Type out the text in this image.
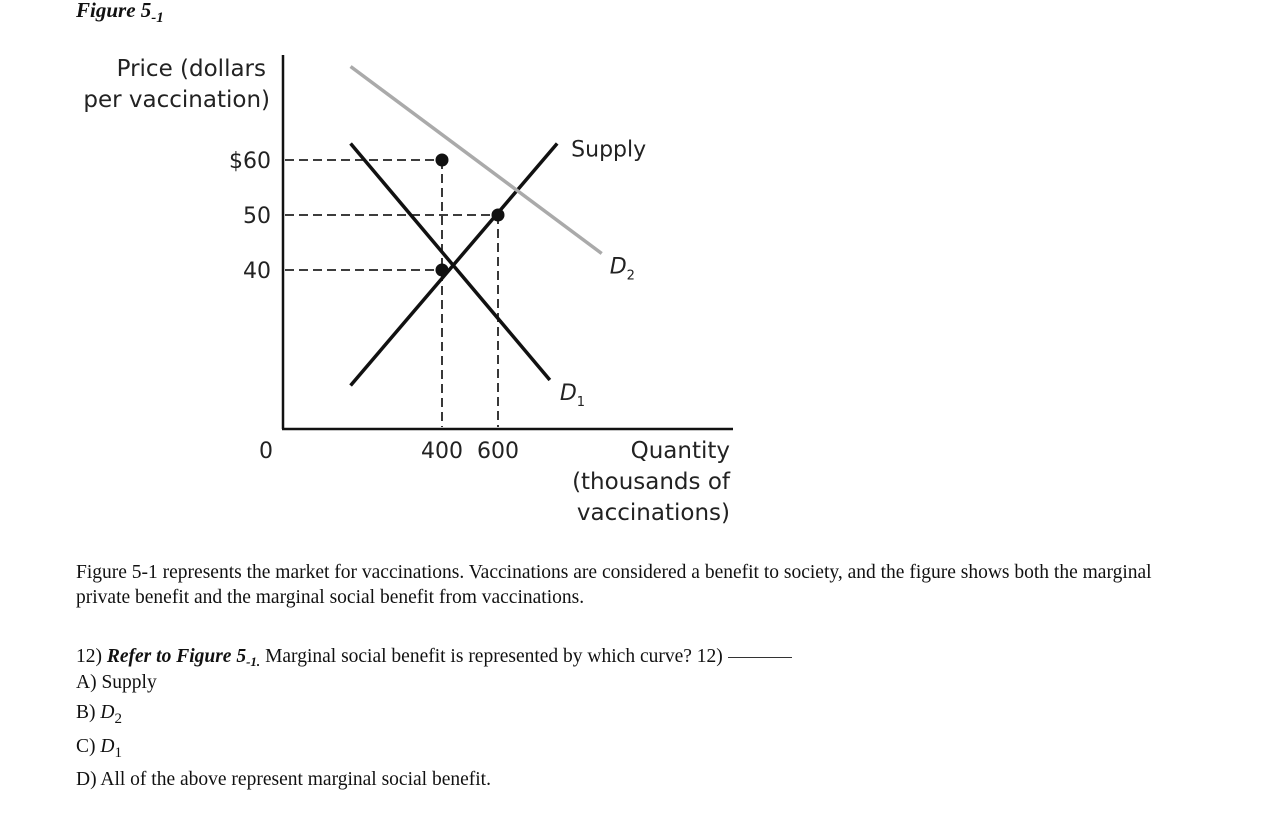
Figure $5_{-1}$
Price (dollars
per vaccination)
$60
50
40
0	400 600	Quantity
(thousands of
vaccinations)
Supply
$D_1$
$D_2$
Figure 5-1 represents the market for vaccinations. Vaccinations are considered a benefit to society, and the figure shows both the marginal private benefit and the marginal social benefit from vaccinations.
12) Refer to Figure $5_{-1.}$ Marginal social benefit is represented by which curve? 12)
A) Supply
B) $D_2$
C) $D_1$
D) All of the above represent marginal social benefit.
